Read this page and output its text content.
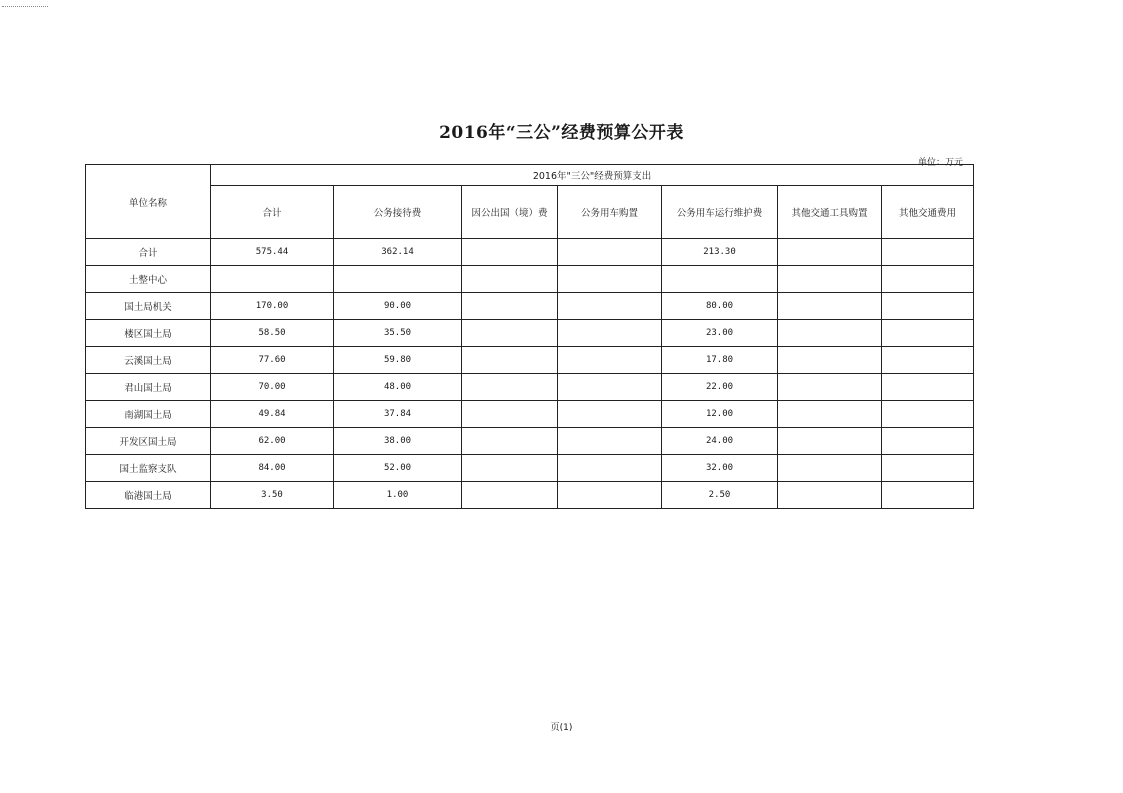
2016年“三公”经费预算公开表
单位：万元
单位名称	2016年"三公"经费预算支出						
	合计	公务接待费	因公出国（境）费	公务用车购置	公务用车运行维护费	其他交通工具购置	其他交通费用
合计	575.44	362.14			213.30		
土整中心							
国土局机关	170.00	90.00			80.00		
楼区国土局	58.50	35.50			23.00		
云溪国土局	77.60	59.80			17.80		
君山国土局	70.00	48.00			22.00		
南湖国土局	49.84	37.84			12.00		
开发区国土局	62.00	38.00			24.00		
国土监察支队	84.00	52.00			32.00		
临港国土局	3.50	1.00			2.50		
页(1)
